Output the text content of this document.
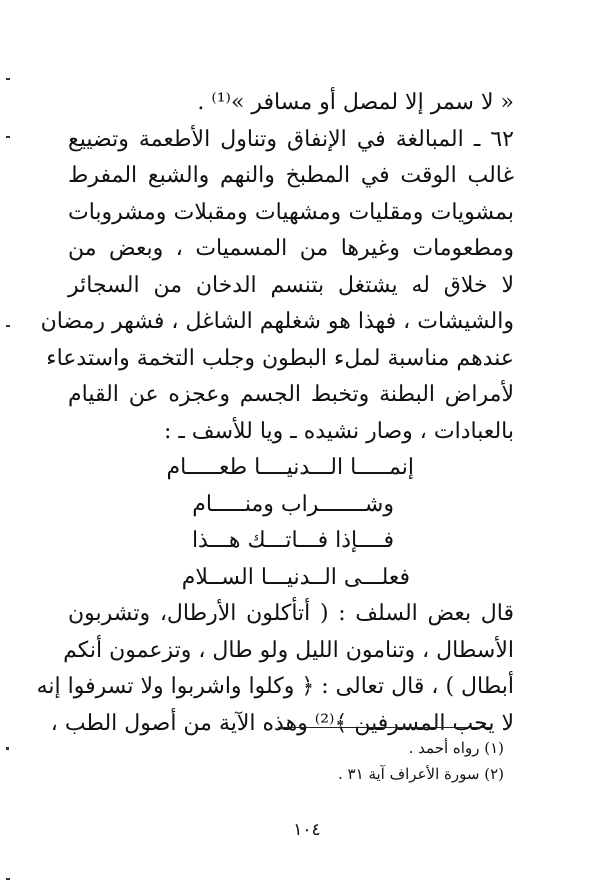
« لا سمر إلا لمصل أو مسافر »⁽¹⁾ .
٦٢ ـ المبالغة في الإنفاق وتناول الأطعمة وتضييع
غالب الوقت في المطبخ والنهم والشبع المفرط
بمشويات ومقليات ومشهيات ومقبلات ومشروبات
ومطعومات وغيرها من المسميات ، وبعض من
لا خلاق له يشتغل بتنسم الدخان من السجائر
والشيشات ، فهذا هو شغلهم الشاغل ، فشهر رمضان
عندهم مناسبة لملء البطون وجلب التخمة واستدعاء
لأمراض البطنة وتخبط الجسم وعجزه عن القيام
بالعبادات ، وصار نشيده ـ ويا للأسف ـ :
إنمـــــا الـــدنيــــا طعـــــام
وشـــــــراب ومنـــــام
فــــإذا فـــاتـــك هـــذا
فعلـــى الــدنيـــا الســلام
قال بعض السلف : ( أتأكلون الأرطال، وتشربون
الأسطال ، وتنامون الليل ولو طال ، وتزعمون أنكم
أبطال ) ، قال تعالى : ﴿ وكلوا واشربوا ولا تسرفوا إنه
لا يحب المسرفين ﴾⁽²⁾ وهذه الآية من أصول الطب ،
(١) رواه أحمد .
(٢) سورة الأعراف آية ٣١ .
١٠٤
